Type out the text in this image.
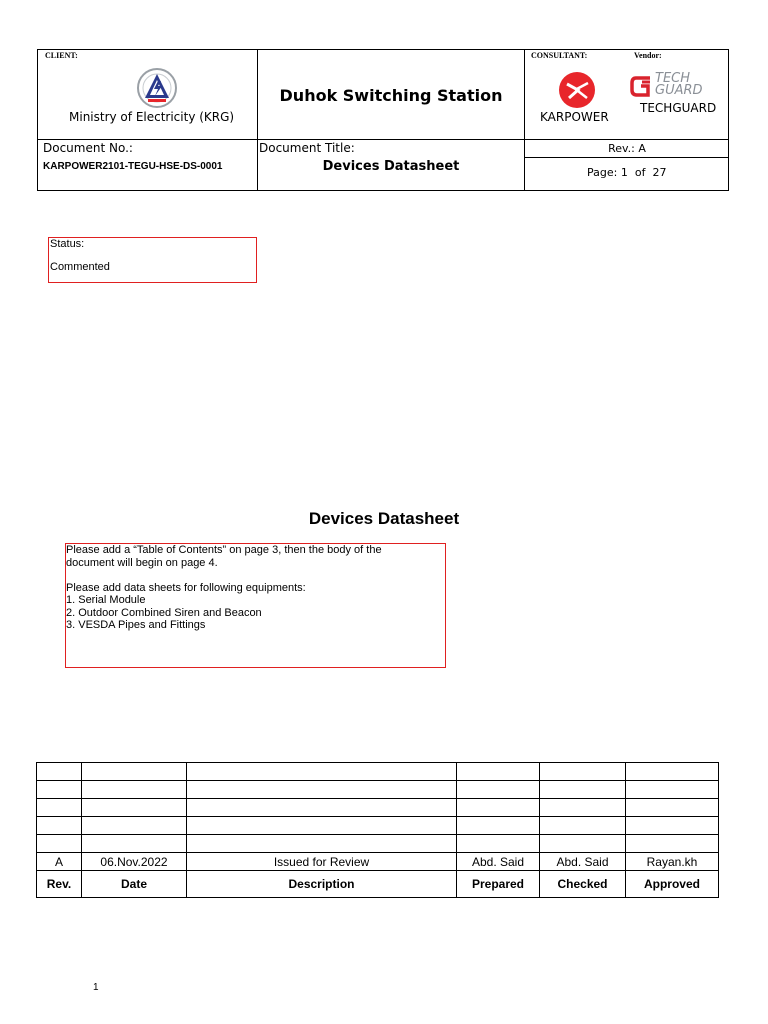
CLIENT:
Ministry of Electricity (KRG)
Duhok Switching Station
CONSULTANT:	Vendor:
KARPOWER
TECH
GUARD
TECHGUARD
Document No.:
KARPOWER2101-TEGU-HSE-DS-0001
Document Title:
Devices Datasheet
Rev.: A
Page: 1 of 27
Status:
Commented
Devices Datasheet
Please add a “Table of Contents” on page 3, then the body of the
document will begin on page 4.
Please add data sheets for following equipments:
1. Serial Module
2. Outdoor Combined Siren and Beacon
3. VESDA Pipes and Fittings

A	06.Nov.2022	Issued for Review	Abd. Said	Abd. Said	Rayan.kh
Rev.	Date	Description	Prepared	Checked	Approved
1
